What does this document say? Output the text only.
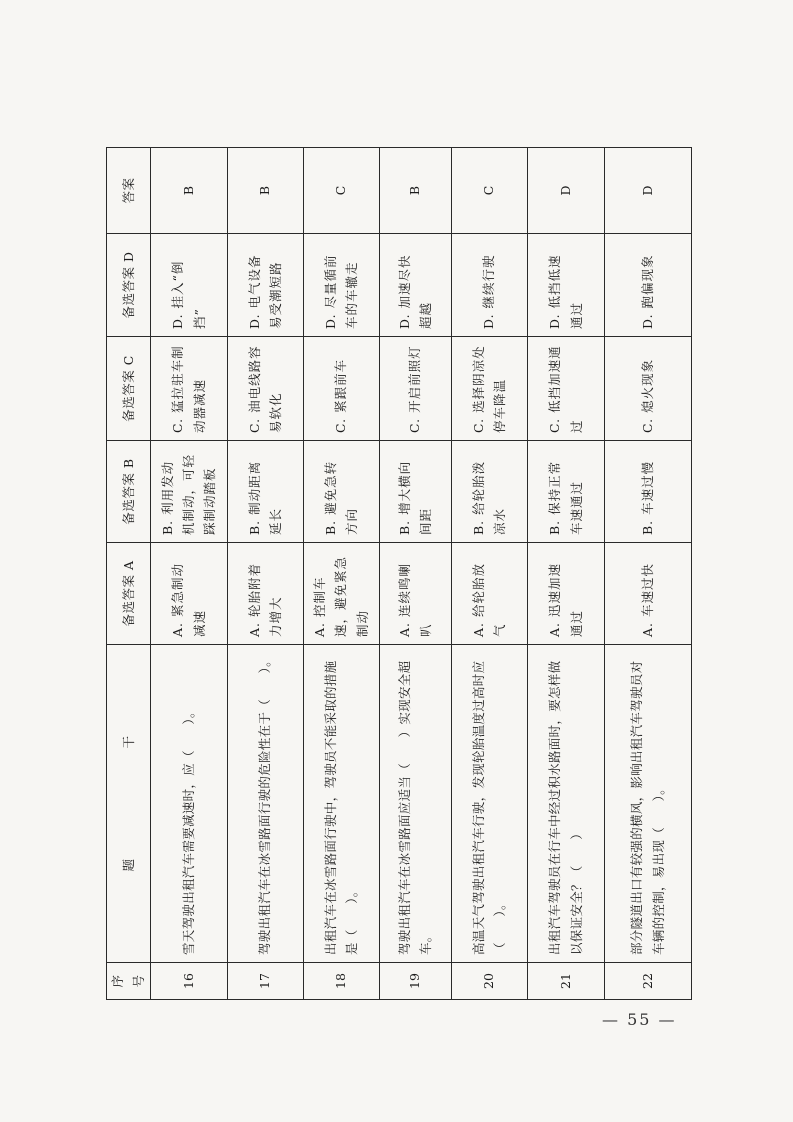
序号	题干	备选答案 A	备选答案 B	备选答案 C	备选答案 D	答案
16	雪天驾驶出租汽车需要减速时，应（　　）。	A. 紧急制动减速	B. 利用发动机制动，可轻踩制动踏板	C. 猛拉驻车制动器减速	D. 挂入“倒挡”	B
17	驾驶出租汽车在冰雪路面行驶的危险性在于（　　）。	A. 轮胎附着力增大	B. 制动距离延长	C. 油电线路容易软化	D. 电气设备易受潮短路	B
18	出租汽车在冰雪路面行驶中，驾驶员不能采取的措施是（　　）。	A. 控制车速，避免紧急制动	B. 避免急转方向	C. 紧跟前车	D. 尽量循前车的车辙走	C
19	驾驶出租汽车在冰雪路面应适当（　　）实现安全超车。	A. 连续鸣喇叭	B. 增大横向间距	C. 开启前照灯	D. 加速尽快超越	B
20	高温天气驾驶出租汽车行驶，发现轮胎温度过高时应（　　）。	A. 给轮胎放气	B. 给轮胎泼凉水	C. 选择阴凉处停车降温	D. 继续行驶	C
21	出租汽车驾驶员在行车中经过积水路面时，要怎样做以保证安全？（　　）	A. 迅速加速通过	B. 保持正常车速通过	C. 低挡加速通过	D. 低挡低速通过	D
22	部分隧道出口有较强的横风，影响出租汽车驾驶员对车辆的控制，易出现（　　）。	A. 车速过快	B. 车速过慢	C. 熄火现象	D. 跑偏现象	D
— 55 —
